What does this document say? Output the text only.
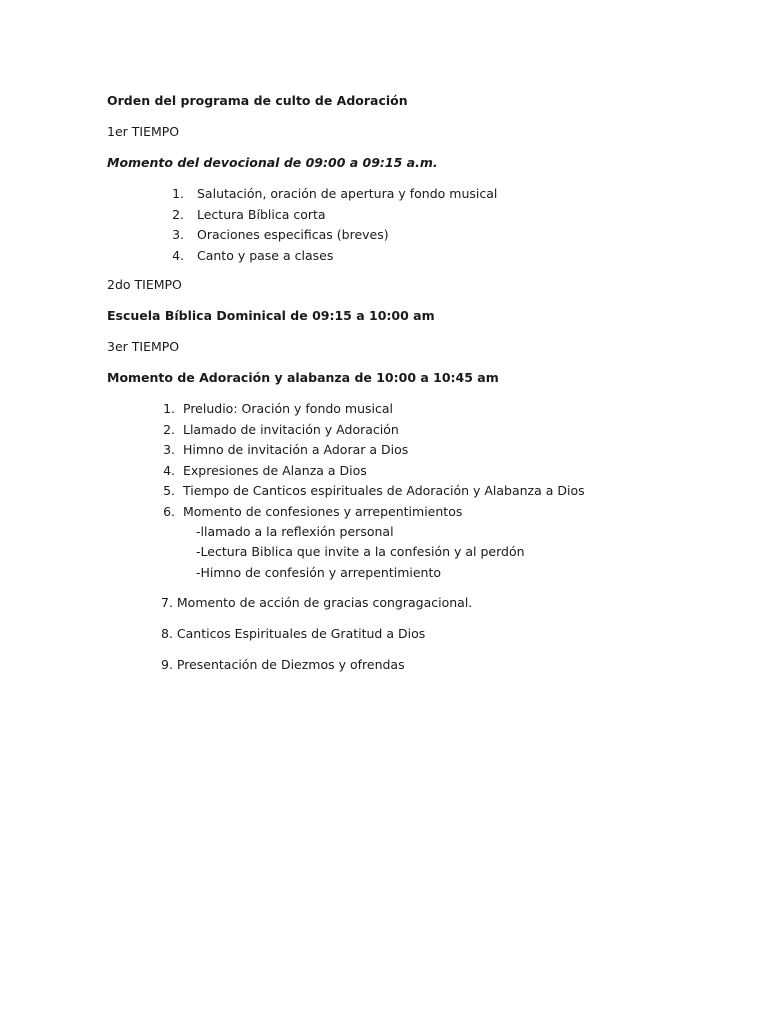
Orden del programa de culto de Adoración
1er TIEMPO
Momento del devocional de 09:00 a 09:15 a.m.
1. Salutación, oración de apertura y fondo musical
2. Lectura Bíblica corta
3. Oraciones especificas (breves)
4. Canto y pase a clases
2do TIEMPO
Escuela Bíblica Dominical de 09:15 a 10:00 am
3er TIEMPO
Momento de Adoración y alabanza de 10:00 a 10:45 am
1. Preludio: Oración y fondo musical
2. Llamado de invitación y Adoración
3. Himno de invitación a Adorar a Dios
4. Expresiones de Alanza a Dios
5. Tiempo de Canticos espirituales de Adoración y Alabanza a Dios
6. Momento de confesiones y arrepentimientos
-llamado a la reflexión personal
-Lectura Biblica que invite a la confesión y al perdón
-Himno de confesión y arrepentimiento
7. Momento de acción de gracias congragacional.
8. Canticos Espirituales de Gratitud a Dios
9. Presentación de Diezmos y ofrendas
